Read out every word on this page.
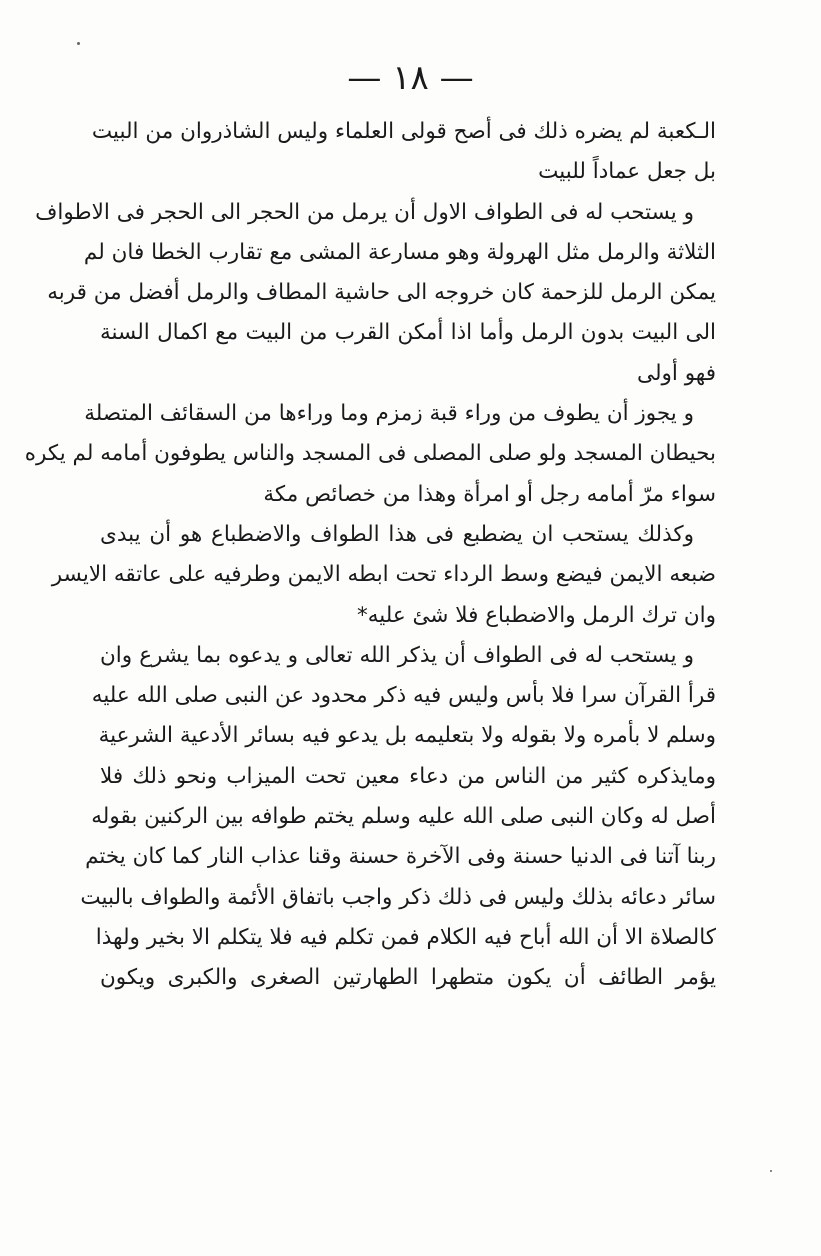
— ١٨ —
الـكعبة لم يضره ذلك فى أصح قولى العلماء وليس الشاذروان من البيت
بل جعل عماداً للبيت
و يستحب له فى الطواف الاول أن يرمل من الحجر الى الحجر فى الاطواف
الثلاثة والرمل مثل الهرولة وهو مسارعة المشى مع تقارب الخطا فان لم
يمكن الرمل للزحمة كان خروجه الى حاشية المطاف والرمل أفضل من قربه
الى البيت بدون الرمل وأما اذا أمكن القرب من البيت مع اكمال السنة
فهو أولى
و يجوز أن يطوف من وراء قبة زمزم وما وراءها من السقائف المتصلة
بحيطان المسجد ولو صلى المصلى فى المسجد والناس يطوفون أمامه لم يكره
سواء مرّ أمامه رجل أو امرأة وهذا من خصائص مكة
وكذلك يستحب ان يضطبع فى هذا الطواف والاضطباع هو أن يبدى
ضبعه الايمن فيضع وسط الرداء تحت ابطه الايمن وطرفيه على عاتقه الايسر
وان ترك الرمل والاضطباع فلا شئ عليه*
و يستحب له فى الطواف أن يذكر الله تعالى و يدعوه بما يشرع وان
قرأ القرآن سرا فلا بأس وليس فيه ذكر محدود عن النبى صلى الله عليه
وسلم لا بأمره ولا بقوله ولا بتعليمه بل يدعو فيه بسائر الأدعية الشرعية
ومايذكره كثير من الناس من دعاء معين تحت الميزاب ونحو ذلك فلا
أصل له وكان النبى صلى الله عليه وسلم يختم طوافه بين الركنين بقوله
ربنا آتنا فى الدنيا حسنة وفى الآخرة حسنة وقنا عذاب النار كما كان يختم
سائر دعائه بذلك وليس فى ذلك ذكر واجب باتفاق الأئمة والطواف بالبيت
كالصلاة الا أن الله أباح فيه الكلام فمن تكلم فيه فلا يتكلم الا بخير ولهذا
يؤمر الطائف أن يكون متطهرا الطهارتين الصغرى والكبرى ويكون
